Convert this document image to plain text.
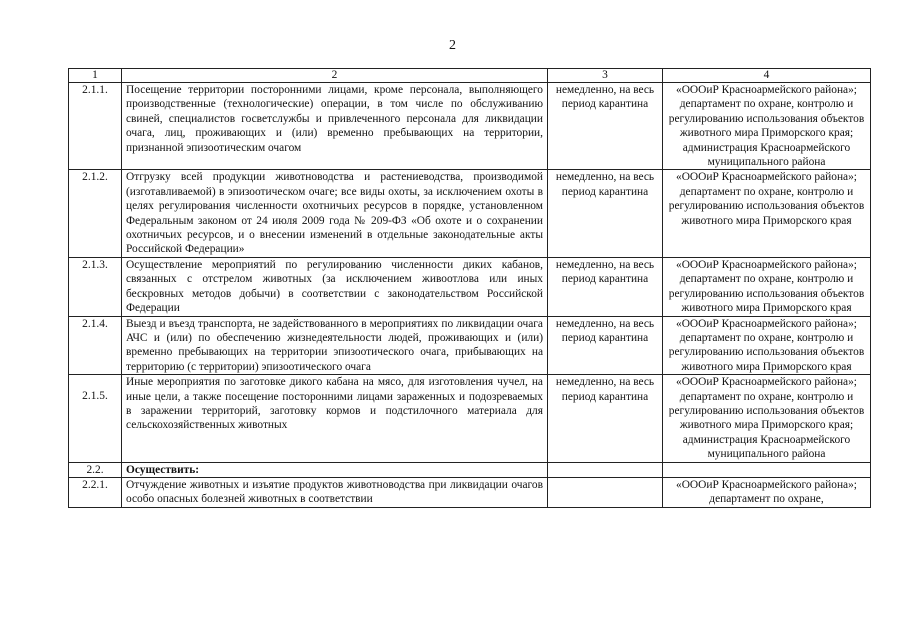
2
1	2	3	4
2.1.1.	Посещение территории посторонними лицами, кроме персонала, выполняющего производственные (технологические) операции, в том числе по обслуживанию свиней, специалистов госветслужбы и привлеченного персонала для ликвидации очага, лиц, проживающих и (или) временно пребывающих на территории, признанной эпизоотическим очагом	немедленно, на весь период карантина	«ОООиР Красноармейского района»; департамент по охране, контролю и регулированию использования объектов животного мира Приморского края; администрация Красноармейского муниципального района
2.1.2.	Отгрузку всей продукции животноводства и растениеводства, производимой (изготавливаемой) в эпизоотическом очаге; все виды охоты, за исключением охоты в целях регулирования численности охотничьих ресурсов в порядке, установленном Федеральным законом от 24 июля 2009 года № 209-ФЗ «Об охоте и о сохранении охотничьих ресурсов, и о внесении изменений в отдельные законодательные акты Российской Федерации»	немедленно, на весь период карантина	«ОООиР Красноармейского района»; департамент по охране, контролю и регулированию использования объектов животного мира Приморского края
2.1.3.	Осуществление мероприятий по регулированию численности диких кабанов, связанных с отстрелом животных (за исключением живоотлова или иных бескровных методов добычи) в соответствии с законодательством Российской Федерации	немедленно, на весь период карантина	«ОООиР Красноармейского района»; департамент по охране, контролю и регулированию использования объектов животного мира Приморского края
2.1.4.	Выезд и въезд транспорта, не задействованного в мероприятиях по ликвидации очага АЧС и (или) по обеспечению жизнедеятельности людей, проживающих и (или) временно пребывающих на территории эпизоотического очага, прибывающих на территорию (с территории) эпизоотического очага	немедленно, на весь период карантина	«ОООиР Красноармейского района»; департамент по охране, контролю и регулированию использования объектов животного мира Приморского края
2.1.5.	Иные мероприятия по заготовке дикого кабана на мясо, для изготовления чучел, на иные цели, а также посещение посторонними лицами зараженных и подозреваемых в заражении территорий, заготовку кормов и подстилочного материала для сельскохозяйственных животных	немедленно, на весь период карантина	«ОООиР Красноармейского района»; департамент по охране, контролю и регулированию использования объектов животного мира Приморского края; администрация Красноармейского муниципального района
2.2.	Осуществить:		
2.2.1.	Отчуждение животных и изъятие продуктов животноводства при ликвидации очагов особо опасных болезней животных в соответствии		«ОООиР Красноармейского района»; департамент по охране,
